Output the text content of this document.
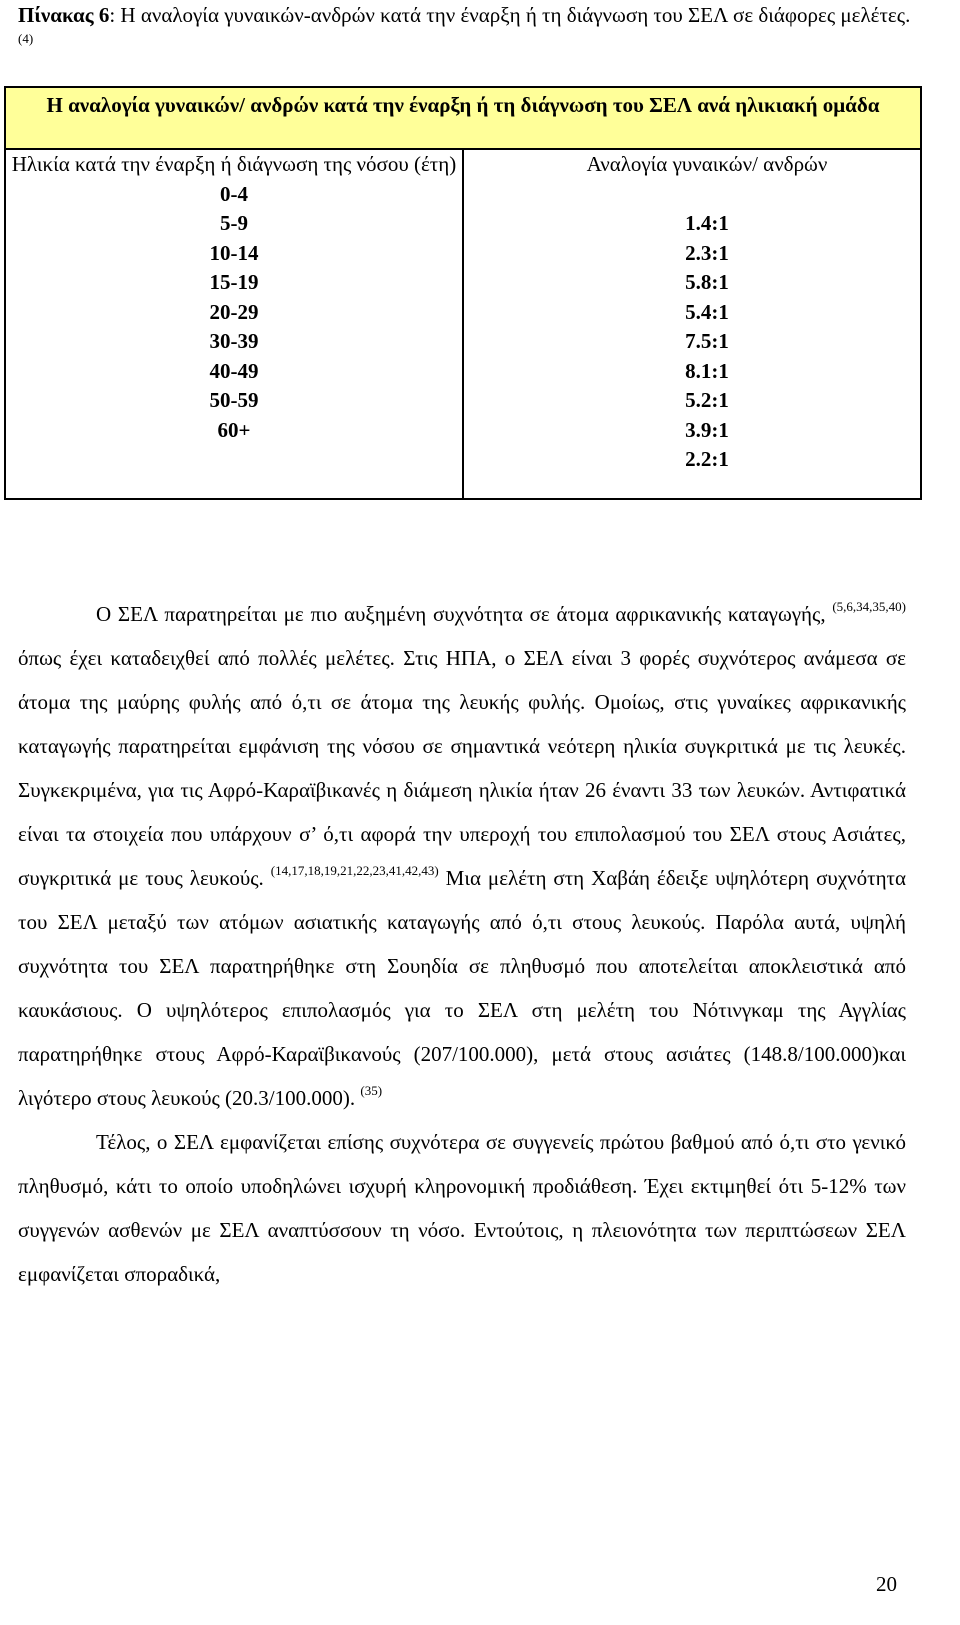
Πίνακας 6: Η αναλογία γυναικών-ανδρών κατά την έναρξη ή τη διάγνωση του ΣΕΛ σε διάφορες μελέτες.$^{(4)}$
Η αναλογία γυναικών/ ανδρών κατά την έναρξη ή τη διάγνωση του ΣΕΛ ανά ηλικιακή ομάδα
Ηλικία κατά την έναρξη ή διάγνωση της νόσου (έτη)
0-4
5-9
10-14
15-19
20-29
30-39
40-49
50-59
60+
Αναλογία γυναικών/ ανδρών
1.4:1
2.3:1
5.8:1
5.4:1
7.5:1
8.1:1
5.2:1
3.9:1
2.2:1

Ο ΣΕΛ παρατηρείται με πιο αυξημένη συχνότητα σε άτομα αφρικανικής καταγωγής, $^{(5,6,34,35,40)}$ όπως έχει καταδειχθεί από πολλές μελέτες. Στις ΗΠΑ, ο ΣΕΛ είναι 3 φορές συχνότερος ανάμεσα σε άτομα της μαύρης φυλής από ό,τι σε άτομα της λευκής φυλής. Ομοίως, στις γυναίκες αφρικανικής καταγωγής παρατηρείται εμφάνιση της νόσου σε σημαντικά νεότερη ηλικία συγκριτικά με τις λευκές. Συγκεκριμένα, για τις Αφρό-Καραϊβικανές η διάμεση ηλικία ήταν 26 έναντι 33 των λευκών. Αντιφατικά είναι τα στοιχεία που υπάρχουν σ’ ό,τι αφορά την υπεροχή του επιπολασμού του ΣΕΛ στους Ασιάτες, συγκριτικά με τους λευκούς. $^{(14,17,18,19,21,22,23,41,42,43)}$ Μια μελέτη στη Χαβάη έδειξε υψηλότερη συχνότητα του ΣΕΛ μεταξύ των ατόμων ασιατικής καταγωγής από ό,τι στους λευκούς. Παρόλα αυτά, υψηλή συχνότητα του ΣΕΛ παρατηρήθηκε στη Σουηδία σε πληθυσμό που αποτελείται αποκλειστικά από καυκάσιους. Ο υψηλότερος επιπολασμός για το ΣΕΛ στη μελέτη του Νότινγκαμ της Αγγλίας παρατηρήθηκε στους Αφρό-Καραϊβικανούς (207/100.000), μετά στους ασιάτες (148.8/100.000)και λιγότερο στους λευκούς (20.3/100.000). $^{(35)}$

Τέλος, ο ΣΕΛ εμφανίζεται επίσης συχνότερα σε συγγενείς πρώτου βαθμού από ό,τι στο γενικό πληθυσμό, κάτι το οποίο υποδηλώνει ισχυρή κληρονομική προδιάθεση. Έχει εκτιμηθεί ότι 5-12% των συγγενών ασθενών με ΣΕΛ αναπτύσσουν τη νόσο. Εντούτοις, η πλειονότητα των περιπτώσεων ΣΕΛ εμφανίζεται σποραδικά,

20
